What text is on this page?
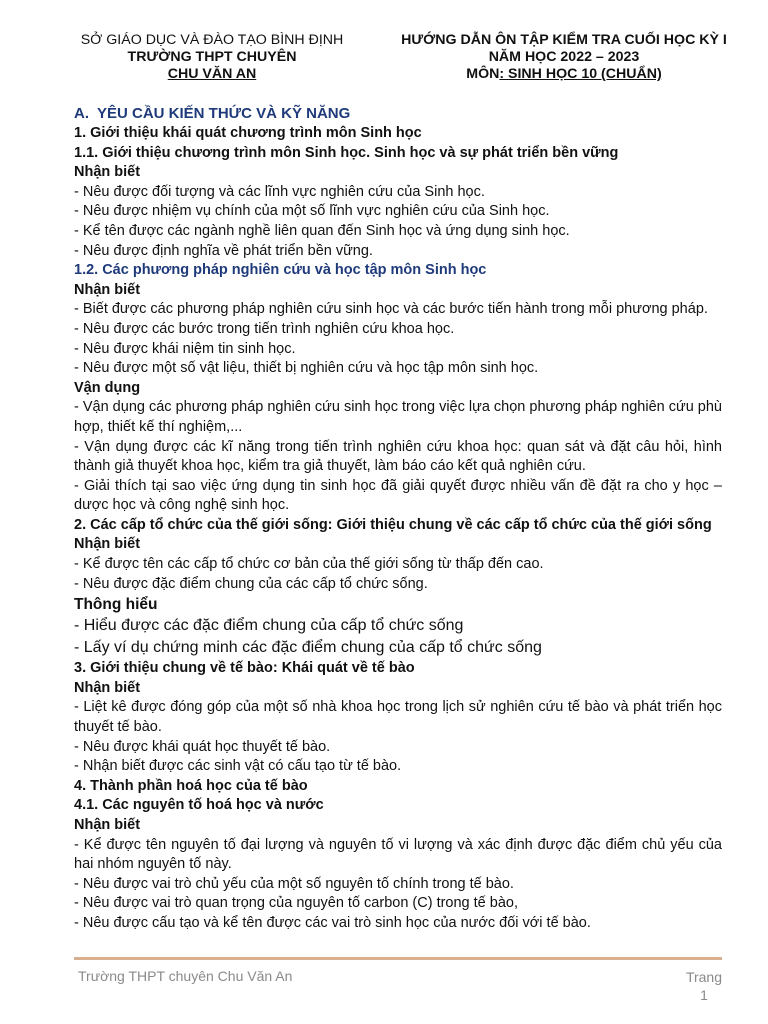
SỞ GIÁO DỤC VÀ ĐÀO TẠO BÌNH ĐỊNH
TRƯỜNG THPT CHUYÊN
CHU VĂN AN
HƯỚNG DẪN ÔN TẬP KIỂM TRA CUỐI HỌC KỲ I
NĂM HỌC 2022 – 2023
MÔN: SINH HỌC 10 (CHUẨN)
A. YÊU CẦU KIẾN THỨC VÀ KỸ NĂNG
1. Giới thiệu khái quát chương trình môn Sinh học
1.1. Giới thiệu chương trình môn Sinh học. Sinh học và sự phát triển bền vững
Nhận biết
- Nêu được đối tượng và các lĩnh vực nghiên cứu của Sinh học.
- Nêu được nhiệm vụ chính của một số lĩnh vực nghiên cứu của Sinh học.
- Kể tên được các ngành nghề liên quan đến Sinh học và ứng dụng sinh học.
- Nêu được định nghĩa về phát triển bền vững.
1.2. Các phương pháp nghiên cứu và học tập môn Sinh học
Nhận biết
- Biết được các phương pháp nghiên cứu sinh học và các bước tiến hành trong mỗi phương pháp.
- Nêu được các bước trong tiến trình nghiên cứu khoa học.
- Nêu được khái niệm tin sinh học.
- Nêu được một số vật liệu, thiết bị nghiên cứu và học tập môn sinh học.
Vận dụng
- Vận dụng các phương pháp nghiên cứu sinh học trong việc lựa chọn phương pháp nghiên cứu phù hợp, thiết kế thí nghiệm,...
- Vận dụng được các kĩ năng trong tiến trình nghiên cứu khoa học: quan sát và đặt câu hỏi, hình thành giả thuyết khoa học, kiểm tra giả thuyết, làm báo cáo kết quả nghiên cứu.
- Giải thích tại sao việc ứng dụng tin sinh học đã giải quyết được nhiều vấn đề đặt ra cho y học – dược học và công nghệ sinh học.
2. Các cấp tổ chức của thế giới sống: Giới thiệu chung về các cấp tổ chức của thế giới sống
Nhận biết
- Kể được tên các cấp tổ chức cơ bản của thế giới sống từ thấp đến cao.
- Nêu được đặc điểm chung của các cấp tổ chức sống.
Thông hiểu
- Hiểu được các đặc điểm chung của cấp tổ chức sống
- Lấy ví dụ chứng minh các đặc điểm chung của cấp tổ chức sống
3. Giới thiệu chung về tế bào: Khái quát về tế bào
Nhận biết
- Liệt kê được đóng góp của một số nhà khoa học trong lịch sử nghiên cứu tế bào và phát triển học thuyết tế bào.
- Nêu được khái quát học thuyết tế bào.
- Nhận biết được các sinh vật có cấu tạo từ tế bào.
4. Thành phần hoá học của tế bào
4.1. Các nguyên tố hoá học và nước
Nhận biết
- Kể được tên nguyên tố đại lượng và nguyên tố vi lượng và xác định được đặc điểm chủ yếu của hai nhóm nguyên tố này.
- Nêu được vai trò chủ yếu của một số nguyên tố chính trong tế bào.
- Nêu được vai trò quan trọng của nguyên tố carbon (C) trong tế bào,
- Nêu được cấu tạo và kể tên được các vai trò sinh học của nước đối với tế bào.
Trường THPT chuyên Chu Văn An	Trang
1
